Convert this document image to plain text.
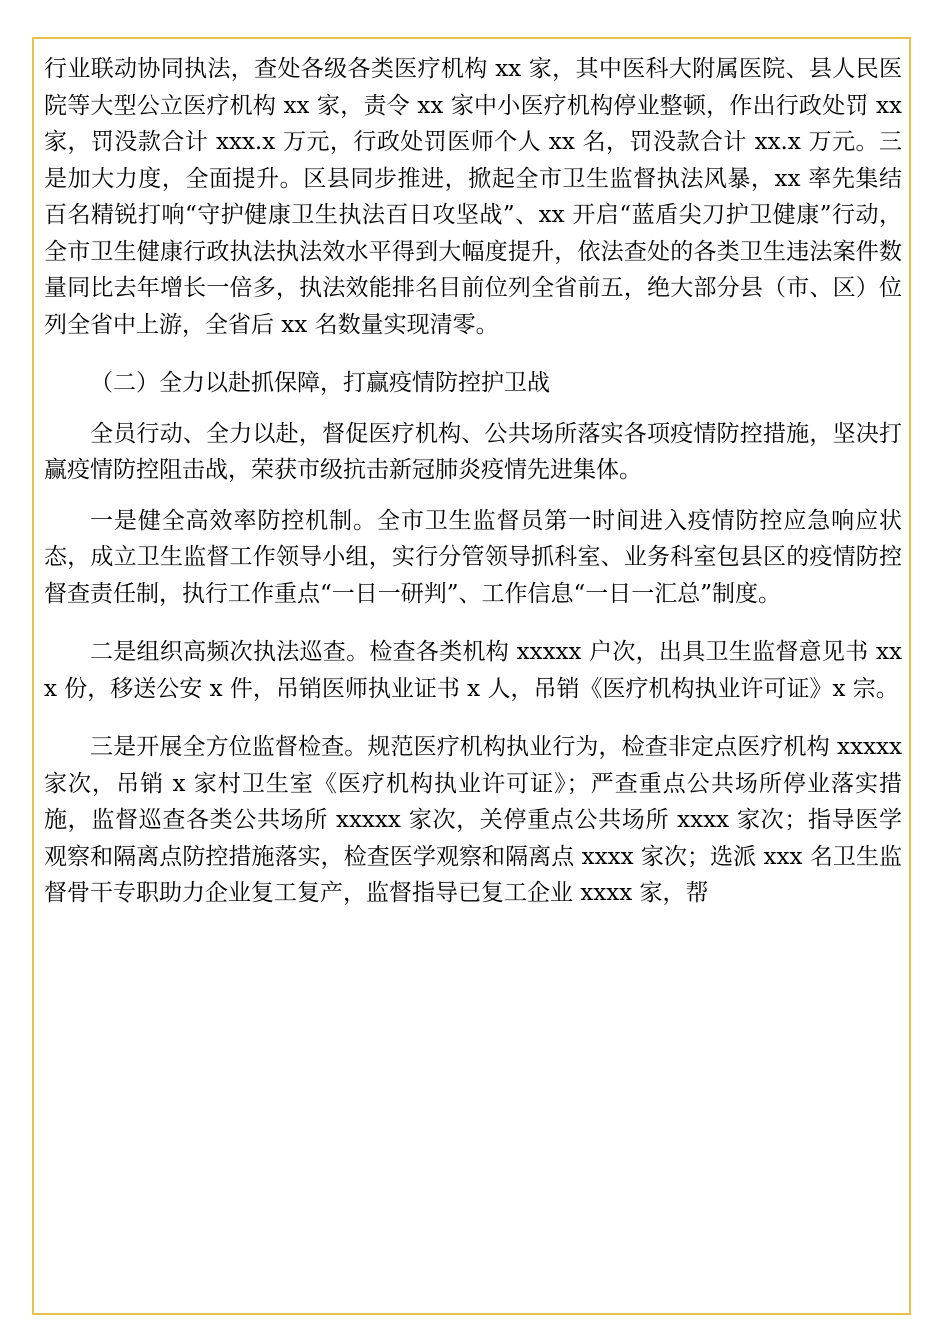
行业联动协同执法，查处各级各类医疗机构 xx 家，其中医科大附属医院、县人民医院等大型公立医疗机构 xx 家，责令 xx 家中小医疗机构停业整顿，作出行政处罚 xx 家，罚没款合计 xxx.x 万元，行政处罚医师个人 xx 名，罚没款合计 xx.x 万元。三是加大力度，全面提升。区县同步推进，掀起全市卫生监督执法风暴，xx 率先集结百名精锐打响“守护健康卫生执法百日攻坚战”、xx 开启“蓝盾尖刀护卫健康”行动，全市卫生健康行政执法执法效水平得到大幅度提升，依法查处的各类卫生违法案件数量同比去年增长一倍多，执法效能排名目前位列全省前五，绝大部分县（市、区）位列全省中上游，全省后 xx 名数量实现清零。

（二）全力以赴抓保障，打赢疫情防控护卫战

全员行动、全力以赴，督促医疗机构、公共场所落实各项疫情防控措施，坚决打赢疫情防控阻击战，荣获市级抗击新冠肺炎疫情先进集体。

一是健全高效率防控机制。全市卫生监督员第一时间进入疫情防控应急响应状态，成立卫生监督工作领导小组，实行分管领导抓科室、业务科室包县区的疫情防控督查责任制，执行工作重点“一日一研判”、工作信息“一日一汇总”制度。

二是组织高频次执法巡查。检查各类机构 xxxxx 户次，出具卫生监督意见书 xxx 份，移送公安 x 件，吊销医师执业证书 x 人，吊销《医疗机构执业许可证》x 宗。

三是开展全方位监督检查。规范医疗机构执业行为，检查非定点医疗机构 xxxxx 家次，吊销 x 家村卫生室《医疗机构执业许可证》；严查重点公共场所停业落实措施，监督巡查各类公共场所 xxxxx 家次，关停重点公共场所 xxxx 家次；指导医学观察和隔离点防控措施落实，检查医学观察和隔离点 xxxx 家次；选派 xxx 名卫生监督骨干专职助力企业复工复产，监督指导已复工企业 xxxx 家，帮
